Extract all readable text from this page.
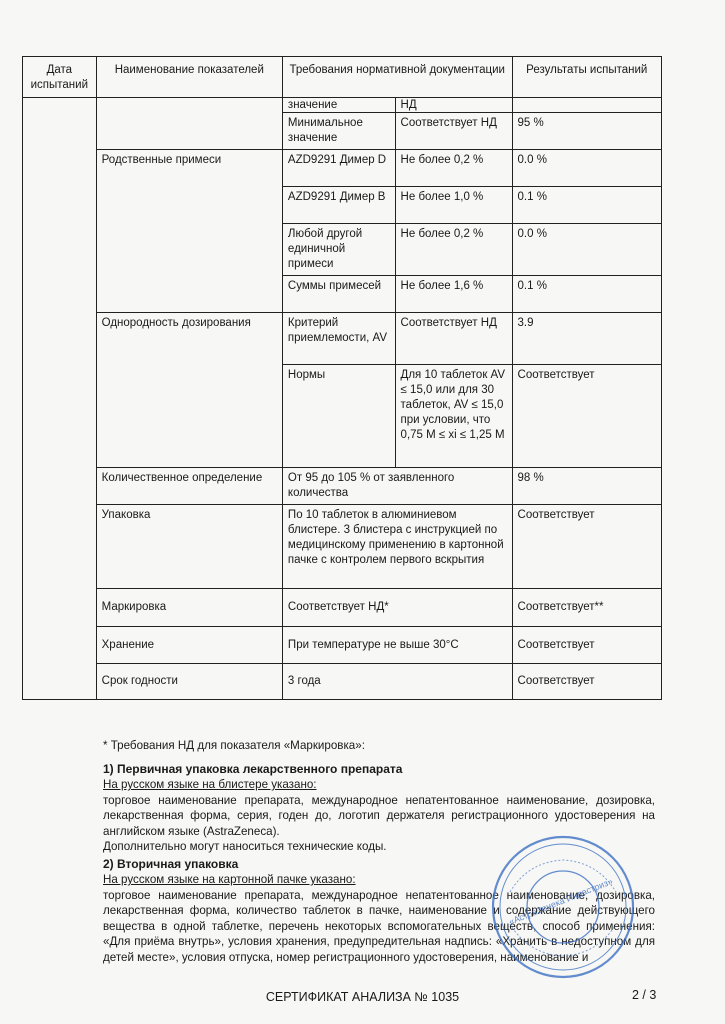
Дата испытаний	Наименование показателей	Требования нормативной документации		Результаты испытаний
		значение	НД	
		Минимальное значение	Соответствует НД	95 %
	Родственные примеси	AZD9291 Димер D	Не более 0,2 %	0.0 %
		AZD9291 Димер B	Не более 1,0 %	0.1 %
		Любой другой единичной примеси	Не более 0,2 %	0.0 %
		Суммы примесей	Не более 1,6 %	0.1 %
	Однородность дозирования	Критерий приемлемости, AV	Соответствует НД	3.9
		Нормы	Для 10 таблеток AV ≤ 15,0 или для 30 таблеток, AV ≤ 15,0 при условии, что 0,75 M ≤ xi ≤ 1,25 M	Соответствует
	Количественное определение	От 95 до 105 % от заявленного количества		98 %
	Упаковка	По 10 таблеток в алюминиевом блистере. 3 блистера с инструкцией по медицинскому применению в картонной пачке с контролем первого вскрытия		Соответствует
	Маркировка	Соответствует НД*		Соответствует**
	Хранение	При температуре не выше 30°C		Соответствует
	Срок годности	3 года		Соответствует

* Требования НД для показателя «Маркировка»:

1) Первичная упаковка лекарственного препарата

На русском языке на блистере указано:

торговое наименование препарата, международное непатентованное наименование, дозировка, лекарственная форма, серия, годен до, логотип держателя регистрационного удостоверения на английском языке (AstraZeneca).

Дополнительно могут наноситься технические коды.

2) Вторичная упаковка

На русском языке на картонной пачке указано:

торговое наименование препарата, международное непатентованное наименование, дозировка, лекарственная форма, количество таблеток в пачке, наименование и содержание действующего вещества в одной таблетке, перечень некоторых вспомогательных веществ, способ применения: «Для приёма внутрь», условия хранения, предупредительная надпись: «Хранить в недоступном для детей месте», условия отпуска, номер регистрационного удостоверения, наименование и

«АстраЗенека Индастриз»
СЕРТИФИКАТ АНАЛИЗА № 1035	2 / 3
